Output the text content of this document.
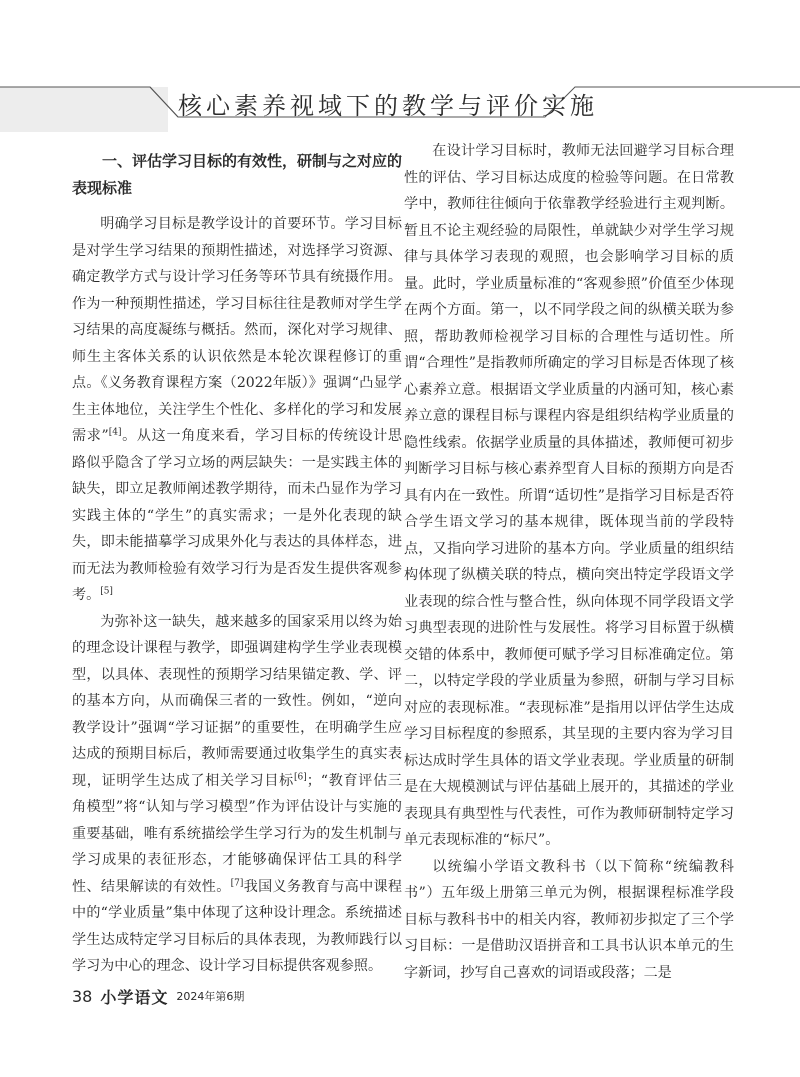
核心素养视域下的教学与评价实施
一、评估学习目标的有效性，研制与之对应的表现标准

明确学习目标是教学设计的首要环节。学习目标是对学生学习结果的预期性描述，对选择学习资源、确定教学方式与设计学习任务等环节具有统摄作用。作为一种预期性描述，学习目标往往是教师对学生学习结果的高度凝练与概括。然而，深化对学习规律、师生主客体关系的认识依然是本轮次课程修订的重点。《义务教育课程方案（2022年版）》强调“凸显学生主体地位，关注学生个性化、多样化的学习和发展需求”[4]。从这一角度来看，学习目标的传统设计思路似乎隐含了学习立场的两层缺失：一是实践主体的缺失，即立足教师阐述教学期待，而未凸显作为学习实践主体的“学生”的真实需求；一是外化表现的缺失，即未能描摹学习成果外化与表达的具体样态，进而无法为教师检验有效学习行为是否发生提供客观参考。[5]

为弥补这一缺失，越来越多的国家采用以终为始的理念设计课程与教学，即强调建构学生学业表现模型，以具体、表现性的预期学习结果锚定教、学、评的基本方向，从而确保三者的一致性。例如，“逆向教学设计”强调“学习证据”的重要性，在明确学生应达成的预期目标后，教师需要通过收集学生的真实表现，证明学生达成了相关学习目标[6]；“教育评估三角模型”将“认知与学习模型”作为评估设计与实施的重要基础，唯有系统描绘学生学习行为的发生机制与学习成果的表征形态，才能够确保评估工具的科学性、结果解读的有效性。[7]我国义务教育与高中课程中的“学业质量”集中体现了这种设计理念。系统描述学生达成特定学习目标后的具体表现，为教师践行以学习为中心的理念、设计学习目标提供客观参照。

在设计学习目标时，教师无法回避学习目标合理性的评估、学习目标达成度的检验等问题。在日常教学中，教师往往倾向于依靠教学经验进行主观判断。暂且不论主观经验的局限性，单就缺少对学生学习规律与具体学习表现的观照，也会影响学习目标的质量。此时，学业质量标准的“客观参照”价值至少体现在两个方面。第一，以不同学段之间的纵横关联为参照，帮助教师检视学习目标的合理性与适切性。所谓“合理性”是指教师所确定的学习目标是否体现了核心素养立意。根据语文学业质量的内涵可知，核心素养立意的课程目标与课程内容是组织结构学业质量的隐性线索。依据学业质量的具体描述，教师便可初步判断学习目标与核心素养型育人目标的预期方向是否具有内在一致性。所谓“适切性”是指学习目标是否符合学生语文学习的基本规律，既体现当前的学段特点，又指向学习进阶的基本方向。学业质量的组织结构体现了纵横关联的特点，横向突出特定学段语文学业表现的综合性与整合性，纵向体现不同学段语文学习典型表现的进阶性与发展性。将学习目标置于纵横交错的体系中，教师便可赋予学习目标准确定位。第二，以特定学段的学业质量为参照，研制与学习目标对应的表现标准。“表现标准”是指用以评估学生达成学习目标程度的参照系，其呈现的主要内容为学习目标达成时学生具体的语文学业表现。学业质量的研制是在大规模测试与评估基础上展开的，其描述的学业表现具有典型性与代表性，可作为教师研制特定学习单元表现标准的“标尺”。

以统编小学语文教科书（以下简称“统编教科书”）五年级上册第三单元为例，根据课程标准学段目标与教科书中的相关内容，教师初步拟定了三个学习目标：一是借助汉语拼音和工具书认识本单元的生字新词，抄写自己喜欢的词语或段落；二是

38 小学语文 2024年第6期
